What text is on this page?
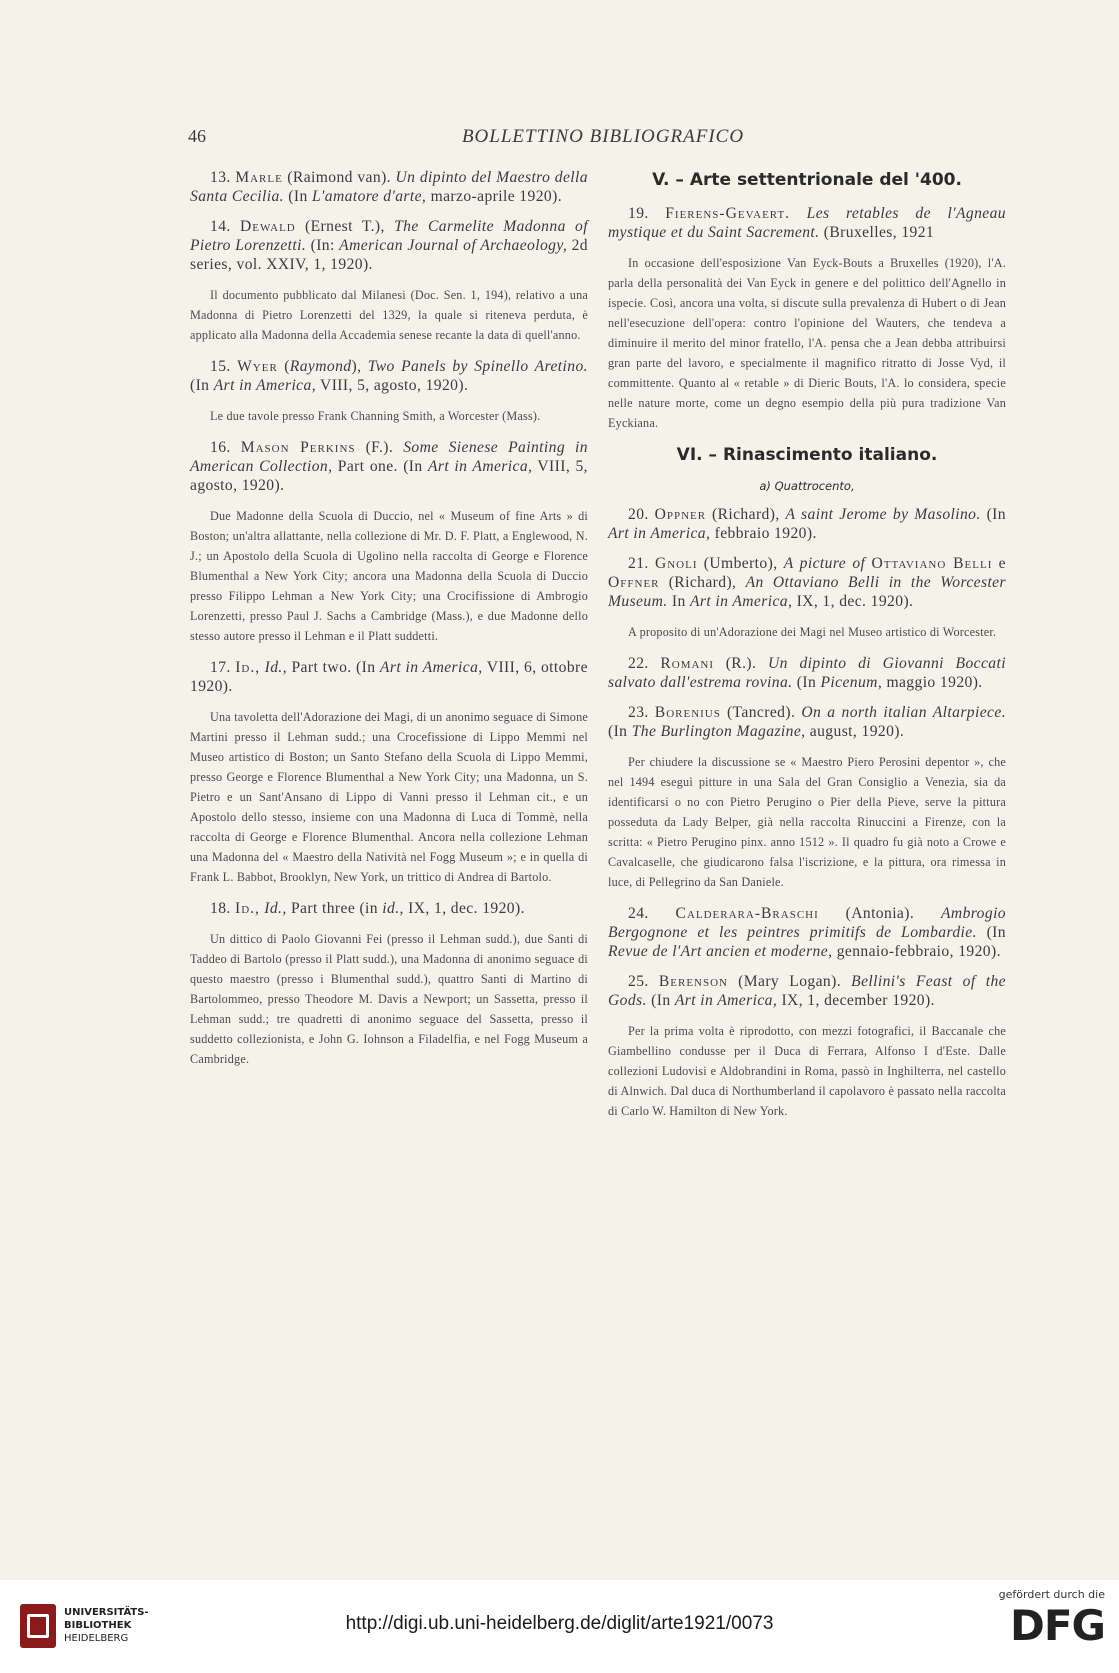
46	BOLLETTINO BIBLIOGRAFICO

13. Marle (Raimond van). Un dipinto del Maestro della Santa Cecilia. (In L'amatore d'arte, marzo-aprile 1920).

14. Dewald (Ernest T.), The Carmelite Madonna of Pietro Lorenzetti. (In: American Journal of Archaeology, 2d series, vol. XXIV, 1, 1920).

Il documento pubblicato dal Milanesi (Doc. Sen. 1, 194), relativo a una Madonna di Pietro Lorenzetti del 1329, la quale si riteneva perduta, è applicato alla Madonna della Accademia senese recante la data di quell'anno.

15. Wyer (Raymond), Two Panels by Spinello Aretino. (In Art in America, VIII, 5, agosto, 1920).

Le due tavole presso Frank Channing Smith, a Worcester (Mass).

16. Mason Perkins (F.). Some Sienese Painting in American Collection, Part one. (In Art in America, VIII, 5, agosto, 1920).

Due Madonne della Scuola di Duccio, nel « Museum of fine Arts » di Boston; un'altra allattante, nella collezione di Mr. D. F. Platt, a Englewood, N. J.; un Apostolo della Scuola di Ugolino nella raccolta di George e Florence Blumenthal a New York City; ancora una Madonna della Scuola di Duccio presso Filippo Lehman a New York City; una Crocifissione di Ambrogio Lorenzetti, presso Paul J. Sachs a Cambridge (Mass.), e due Madonne dello stesso autore presso il Lehman e il Platt suddetti.

17. Id., Id., Part two. (In Art in America, VIII, 6, ottobre 1920).

Una tavoletta dell'Adorazione dei Magi, di un anonimo seguace di Simone Martini presso il Lehman sudd.; una Crocefissione di Lippo Memmi nel Museo artistico di Boston; un Santo Stefano della Scuola di Lippo Memmi, presso George e Florence Blumenthal a New York City; una Madonna, un S. Pietro e un Sant'Ansano di Lippo di Vanni presso il Lehman cit., e un Apostolo dello stesso, insieme con una Madonna di Luca di Tommè, nella raccolta di George e Florence Blumenthal. Ancora nella collezione Lehman una Madonna del « Maestro della Natività nel Fogg Museum »; e in quella di Frank L. Babbot, Brooklyn, New York, un trittico di Andrea di Bartolo.

18. Id., Id., Part three (in id., IX, 1, dec. 1920).

Un dittico di Paolo Giovanni Fei (presso il Lehman sudd.), due Santi di Taddeo di Bartolo (presso il Platt sudd.), una Madonna di anonimo seguace di questo maestro (presso i Blumenthal sudd.), quattro Santi di Martino di Bartolommeo, presso Theodore M. Davis a Newport; un Sassetta, presso il Lehman sudd.; tre quadretti di anonimo seguace del Sassetta, presso il suddetto collezionista, e John G. Iohnson a Filadelfia, e nel Fogg Museum a Cambridge.

V. – Arte settentrionale del '400.

19. Fierens-Gevaert. Les retables de l'Agneau mystique et du Saint Sacrement. (Bruxelles, 1921

In occasione dell'esposizione Van Eyck-Bouts a Bruxelles (1920), l'A. parla della personalità dei Van Eyck in genere e del polittico dell'Agnello in ispecie. Così, ancora una volta, si discute sulla prevalenza di Hubert o di Jean nell'esecuzione dell'opera: contro l'opinione del Wauters, che tendeva a diminuire il merito del minor fratello, l'A. pensa che a Jean debba attribuirsi gran parte del lavoro, e specialmente il magnifico ritratto di Josse Vyd, il committente. Quanto al « retable » di Dieric Bouts, l'A. lo considera, specie nelle nature morte, come un degno esempio della più pura tradizione Van Eyckiana.

VI. – Rinascimento italiano.
a) Quattrocento,

20. Oppner (Richard), A saint Jerome by Masolino. (In Art in America, febbraio 1920).

21. Gnoli (Umberto), A picture of Ottaviano Belli e Offner (Richard), An Ottaviano Belli in the Worcester Museum. In Art in America, IX, 1, dec. 1920).

A proposito di un'Adorazione dei Magi nel Museo artistico di Worcester.

22. Romani (R.). Un dipinto di Giovanni Boccati salvato dall'estrema rovina. (In Picenum, maggio 1920).

23. Borenius (Tancred). On a north italian Altarpiece. (In The Burlington Magazine, august, 1920).

Per chiudere la discussione se « Maestro Piero Perosini depentor », che nel 1494 eseguì pitture in una Sala del Gran Consiglio a Venezia, sia da identificarsi o no con Pietro Perugino o Pier della Pieve, serve la pittura posseduta da Lady Belper, già nella raccolta Rinuccini a Firenze, con la scritta: « Pietro Perugino pinx. anno 1512 ». Il quadro fu già noto a Crowe e Cavalcaselle, che giudicarono falsa l'iscrizione, e la pittura, ora rimessa in luce, di Pellegrino da San Daniele.

24. Calderara-Braschi (Antonia). Ambrogio Bergognone et les peintres primitifs de Lombardie. (In Revue de l'Art ancien et moderne, gennaio-febbraio, 1920).

25. Berenson (Mary Logan). Bellini's Feast of the Gods. (In Art in America, IX, 1, december 1920).

Per la prima volta è riprodotto, con mezzi fotografici, il Baccanale che Giambellino condusse per il Duca di Ferrara, Alfonso I d'Este. Dalle collezioni Ludovisi e Aldobrandini in Roma, passò in Inghilterra, nel castello di Alnwich. Dal duca di Northumberland il capolavoro è passato nella raccolta di Carlo W. Hamilton di New York.

UNIVERSITÄTS-
BIBLIOTHEK
HEIDELBERG
http://digi.ub.uni-heidelberg.de/diglit/arte1921/0073
gefördert durch die
DFG
